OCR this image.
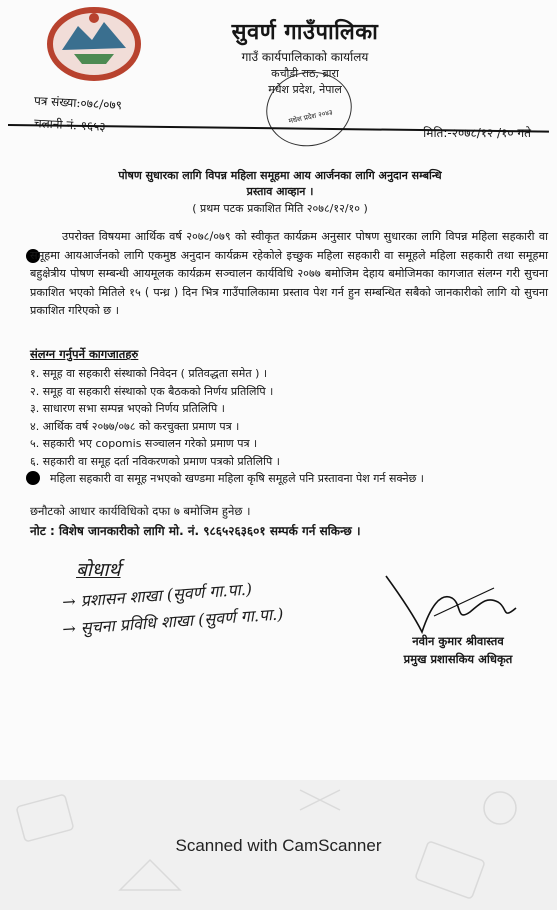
सुवर्ण गाउँपालिका
गाउँ कार्यपालिकाको कार्यालय
कचौडी राठ, ब्रारा
मधेश प्रदेश, नेपाल
पत्र संख्या:०७८/०७९
चलानी नं. १६५३	मधेश प्रदेश २०४३
मिति:-२०७८/१२ /१० गते
पोषण सुधारका लागि विपन्न महिला समूहमा आय आर्जनका लागि अनुदान सम्बन्धि
प्रस्ताव आव्हान ।
( प्रथम पटक प्रकाशित मिति २०७८/१२/१० )
उपरोक्त विषयमा आर्थिक वर्ष २०७८/०७९ को स्वीकृत कार्यक्रम अनुसार पोषण सुधारका लागि विपन्न महिला सहकारी वा समूहमा आयआर्जनको लागि एकमुष्ठ अनुदान कार्यक्रम रहेकोले इच्छुक महिला सहकारी वा समूहले महिला सहकारी तथा समूहमा बहुक्षेत्रीय पोषण सम्बन्धी आयमूलक कार्यक्रम सञ्चालन कार्यविधि २०७७ बमोजिम देहाय बमोजिमका कागजात संलग्न गरी सुचना प्रकाशित भएको मितिले १५ ( पन्ध्र ) दिन भित्र गाउँपालिकामा प्रस्ताव पेश गर्न हुन सम्बन्धित सबैको जानकारीको लागि यो सुचना प्रकाशित गरिएको छ ।
संलग्न गर्नुपर्ने कागजातहरु
१. समूह वा सहकारी संस्थाको निवेदन ( प्रतिवद्धता समेत ) ।
२. समूह वा सहकारी संस्थाको एक बैठकको निर्णय प्रतिलिपि ।
३. साधारण सभा सम्पन्न भएको निर्णय प्रतिलिपि ।
४. आर्थिक वर्ष २०७७/०७८ को करचुक्ता प्रमाण पत्र ।
५. सहकारी भए copomis सञ्चालन गरेको प्रमाण पत्र ।
६. सहकारी वा समूह दर्ता नविकरणको प्रमाण पत्रको प्रतिलिपि ।
महिला सहकारी वा समूह नभएको खण्डमा महिला कृषि समूहले पनि प्रस्तावना पेश गर्न सक्नेछ ।
छनौटको आधार कार्यविधिको दफा ७ बमोजिम हुनेछ ।
नोट : विशेष जानकारीको लागि मो. नं. ९८६५२६३६०१ सम्पर्क गर्न सकिन्छ ।
बोधार्थ
→ प्रशासन शाखा (सुवर्ण गा.पा.)
→ सुचना प्रविधि शाखा (सुवर्ण गा.पा.)
नवीन कुमार श्रीवास्तव
प्रमुख प्रशासकिय अधिकृत
Scanned with CamScanner
